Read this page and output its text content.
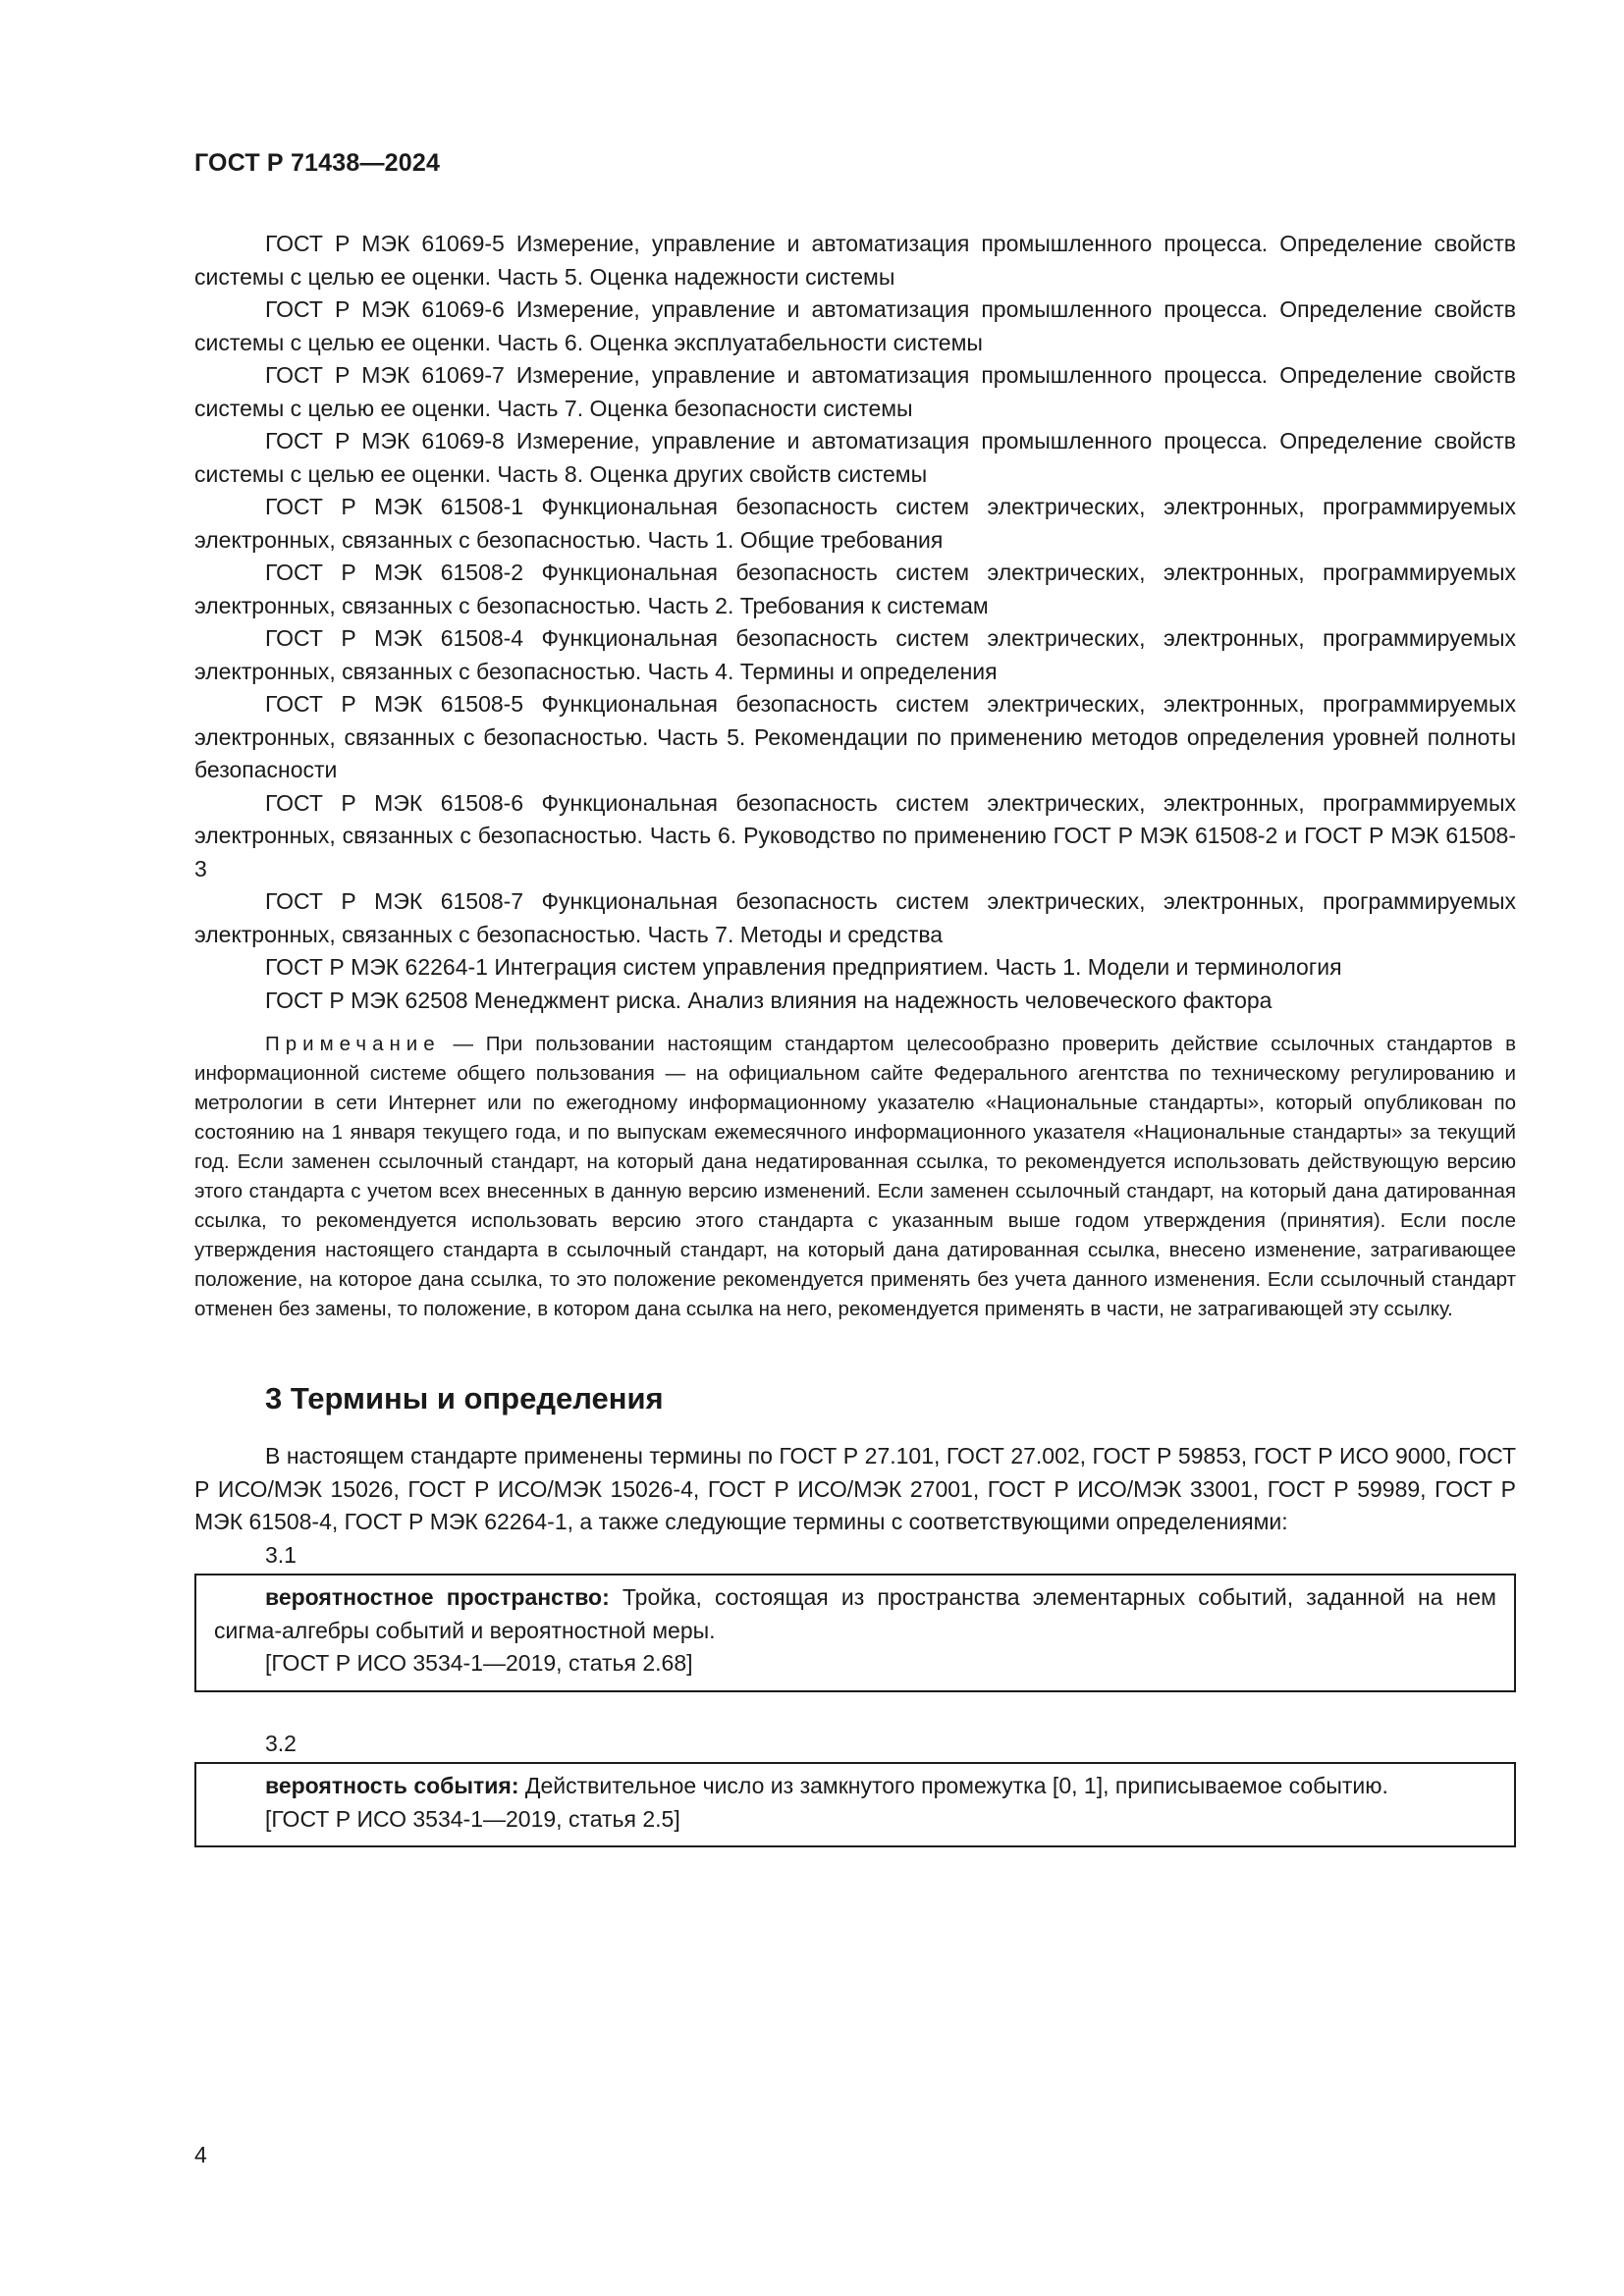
ГОСТ Р 71438—2024

ГОСТ Р МЭК 61069-5 Измерение, управление и автоматизация промышленного процесса. Определение свойств системы с целью ее оценки. Часть 5. Оценка надежности системы

ГОСТ Р МЭК 61069-6 Измерение, управление и автоматизация промышленного процесса. Определение свойств системы с целью ее оценки. Часть 6. Оценка эксплуатабельности системы

ГОСТ Р МЭК 61069-7 Измерение, управление и автоматизация промышленного процесса. Определение свойств системы с целью ее оценки. Часть 7. Оценка безопасности системы

ГОСТ Р МЭК 61069-8 Измерение, управление и автоматизация промышленного процесса. Определение свойств системы с целью ее оценки. Часть 8. Оценка других свойств системы

ГОСТ Р МЭК 61508-1 Функциональная безопасность систем электрических, электронных, программируемых электронных, связанных с безопасностью. Часть 1. Общие требования

ГОСТ Р МЭК 61508-2 Функциональная безопасность систем электрических, электронных, программируемых электронных, связанных с безопасностью. Часть 2. Требования к системам

ГОСТ Р МЭК 61508-4 Функциональная безопасность систем электрических, электронных, программируемых электронных, связанных с безопасностью. Часть 4. Термины и определения

ГОСТ Р МЭК 61508-5 Функциональная безопасность систем электрических, электронных, программируемых электронных, связанных с безопасностью. Часть 5. Рекомендации по применению методов определения уровней полноты безопасности

ГОСТ Р МЭК 61508-6 Функциональная безопасность систем электрических, электронных, программируемых электронных, связанных с безопасностью. Часть 6. Руководство по применению ГОСТ Р МЭК 61508-2 и ГОСТ Р МЭК 61508-3

ГОСТ Р МЭК 61508-7 Функциональная безопасность систем электрических, электронных, программируемых электронных, связанных с безопасностью. Часть 7. Методы и средства

ГОСТ Р МЭК 62264-1 Интеграция систем управления предприятием. Часть 1. Модели и терминология

ГОСТ Р МЭК 62508 Менеджмент риска. Анализ влияния на надежность человеческого фактора

Примечание — При пользовании настоящим стандартом целесообразно проверить действие ссылочных стандартов в информационной системе общего пользования — на официальном сайте Федерального агентства по техническому регулированию и метрологии в сети Интернет или по ежегодному информационному указателю «Национальные стандарты», который опубликован по состоянию на 1 января текущего года, и по выпускам ежемесячного информационного указателя «Национальные стандарты» за текущий год. Если заменен ссылочный стандарт, на который дана недатированная ссылка, то рекомендуется использовать действующую версию этого стандарта с учетом всех внесенных в данную версию изменений. Если заменен ссылочный стандарт, на который дана датированная ссылка, то рекомендуется использовать версию этого стандарта с указанным выше годом утверждения (принятия). Если после утверждения настоящего стандарта в ссылочный стандарт, на который дана датированная ссылка, внесено изменение, затрагивающее положение, на которое дана ссылка, то это положение рекомендуется применять без учета данного изменения. Если ссылочный стандарт отменен без замены, то положение, в котором дана ссылка на него, рекомендуется применять в части, не затрагивающей эту ссылку.

3 Термины и определения

В настоящем стандарте применены термины по ГОСТ Р 27.101, ГОСТ 27.002, ГОСТ Р 59853, ГОСТ Р ИСО 9000, ГОСТ Р ИСО/МЭК 15026, ГОСТ Р ИСО/МЭК 15026-4, ГОСТ Р ИСО/МЭК 27001, ГОСТ Р ИСО/МЭК 33001, ГОСТ Р 59989, ГОСТ Р МЭК 61508-4, ГОСТ Р МЭК 62264-1, а также следующие термины с соответствующими определениями:

3.1

вероятностное пространство: Тройка, состоящая из пространства элементарных событий, заданной на нем сигма-алгебры событий и вероятностной меры.

[ГОСТ Р ИСО 3534-1—2019, статья 2.68]

3.2

вероятность события: Действительное число из замкнутого промежутка [0, 1], приписываемое событию.

[ГОСТ Р ИСО 3534-1—2019, статья 2.5]

4
